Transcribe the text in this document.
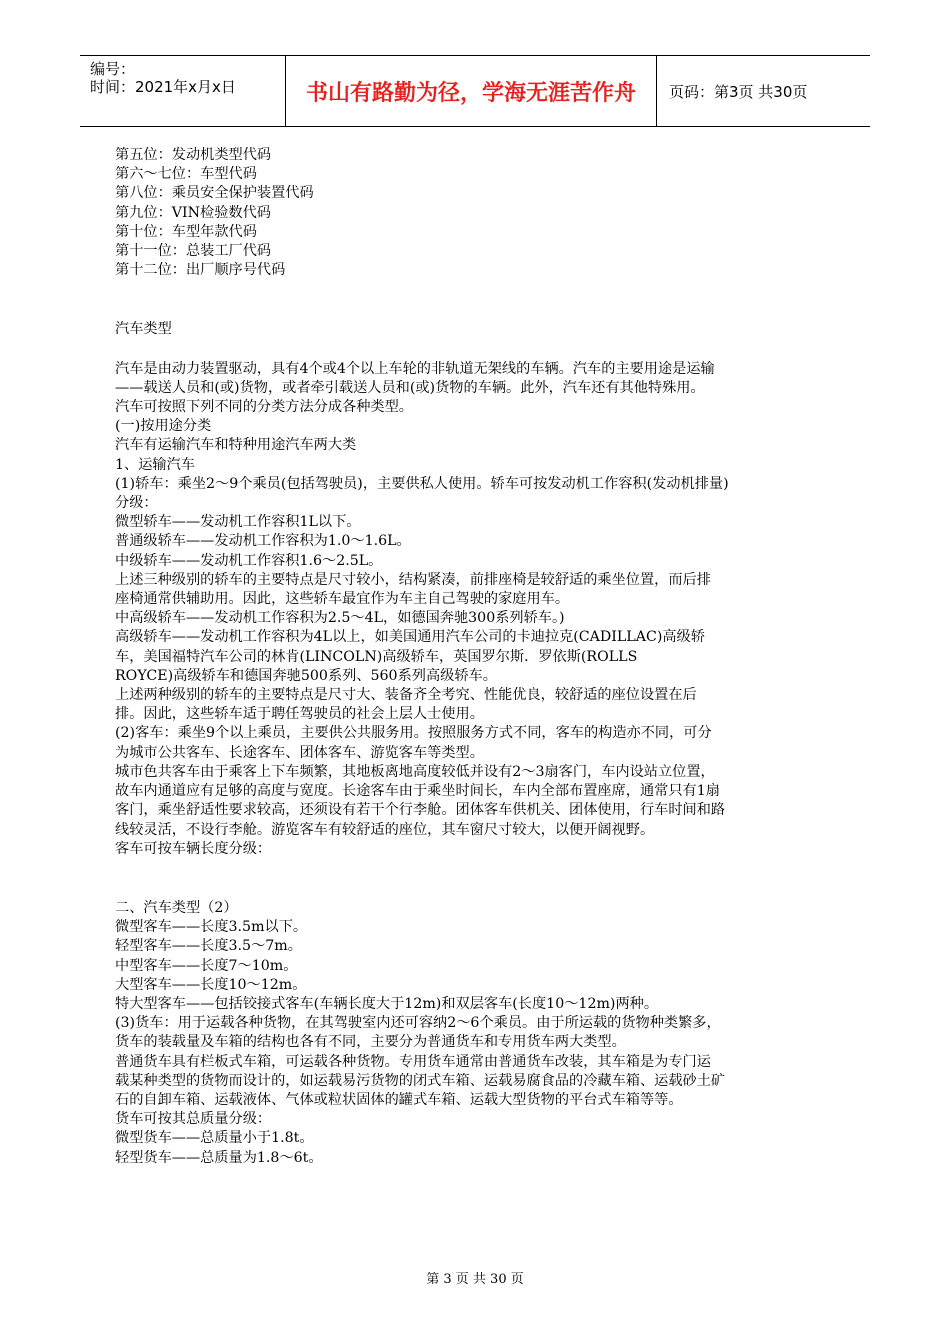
编号：
时间：2021年x月x日	书山有路勤为径，学海无涯苦作舟	页码：第3页 共30页

第五位：发动机类型代码

第六～七位：车型代码

第八位：乘员安全保护装置代码

第九位：VIN检验数代码

第十位：车型年款代码

第十一位：总装工厂代码

第十二位：出厂顺序号代码

汽车类型

汽车是由动力装置驱动，具有4个或4个以上车轮的非轨道无架线的车辆。汽车的主要用途是运输

——载送人员和(或)货物，或者牵引载送人员和(或)货物的车辆。此外，汽车还有其他特殊用。

汽车可按照下列不同的分类方法分成各种类型。

(一)按用途分类

汽车有运输汽车和特种用途汽车两大类

1、运输汽车

(1)轿车：乘坐2～9个乘员(包括驾驶员)，主要供私人使用。轿车可按发动机工作容积(发动机排量)

分级：

微型轿车——发动机工作容积1L以下。

普通级轿车——发动机工作容积为1.0～1.6L。

中级轿车——发动机工作容积1.6～2.5L。

上述三种级别的轿车的主要特点是尺寸较小，结构紧凑，前排座椅是较舒适的乘坐位置，而后排

座椅通常供辅助用。因此，这些轿车最宜作为车主自己驾驶的家庭用车。

中高级轿车——发动机工作容积为2.5～4L，如德国奔驰300系列轿车。)

高级轿车——发动机工作容积为4L以上，如美国通用汽车公司的卡迪拉克(CADILLAC)高级轿

车，美国福特汽车公司的林肯(LINCOLN)高级轿车，英国罗尔斯．罗依斯(ROLLS

ROYCE)高级轿车和德国奔驰500系列、560系列高级轿车。

上述两种级别的轿车的主要特点是尺寸大、装备齐全考究、性能优良，较舒适的座位设置在后

排。因此，这些轿车适于聘任驾驶员的社会上层人士使用。

(2)客车：乘坐9个以上乘员，主要供公共服务用。按照服务方式不同，客车的构造亦不同，可分

为城市公共客车、长途客车、团体客车、游览客车等类型。

城市色共客车由于乘客上下车频繁，其地板离地高度较低并设有2～3扇客门，车内设站立位置，

故车内通道应有足够的高度与宽度。长途客车由于乘坐时间长，车内全部布置座席，通常只有1扇

客门，乘坐舒适性要求较高，还须设有若干个行李舱。团体客车供机关、团体使用，行车时间和路

线较灵活，不设行李舱。游览客车有较舒适的座位，其车窗尺寸较大，以便开阔视野。

客车可按车辆长度分级：

二、汽车类型（2）

微型客车——长度3.5m以下。

轻型客车——长度3.5～7m。

中型客车——长度7～10m。

大型客车——长度10～12m。

特大型客车——包括铰接式客车(车辆长度大于12m)和双层客车(长度10～12m)两种。

(3)货车：用于运载各种货物，在其驾驶室内还可容纳2～6个乘员。由于所运载的货物种类繁多，

货车的装载量及车箱的结构也各有不同，主要分为普通货车和专用货车两大类型。

普通货车具有栏板式车箱，可运载各种货物。专用货车通常由普通货车改装，其车箱是为专门运

载某种类型的货物而设计的，如运载易污货物的闭式车箱、运载易腐食品的冷藏车箱、运载砂土矿

石的自卸车箱、运载液体、气体或粒状固体的罐式车箱、运载大型货物的平台式车箱等等。

货车可按其总质量分级：

微型货车——总质量小于1.8t。

轻型货车——总质量为1.8～6t。

第 3 页 共 30 页
